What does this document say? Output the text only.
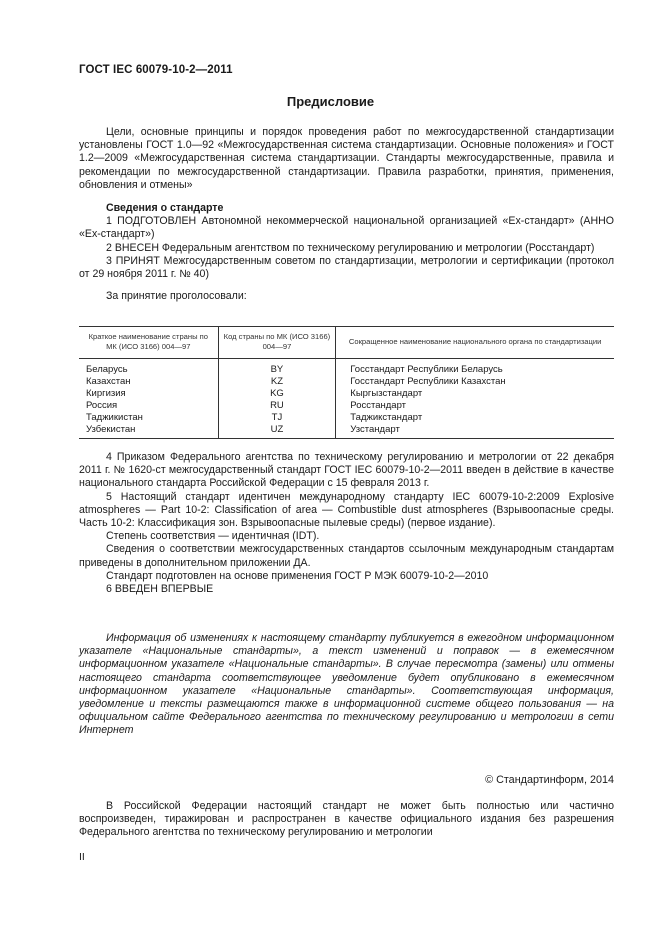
ГОСТ IEC 60079-10-2—2011
Предисловие

Цели, основные принципы и порядок проведения работ по межгосударственной стандартизации установлены ГОСТ 1.0—92 «Межгосударственная система стандартизации. Основные положения» и ГОСТ 1.2—2009 «Межгосударственная система стандартизации. Стандарты межгосударственные, правила и рекомендации по межгосударственной стандартизации. Правила разработки, принятия, применения, обновления и отмены»

Сведения о стандарте

1 ПОДГОТОВЛЕН Автономной некоммерческой национальной организацией «Ех-стандарт» (АННО «Ех-стандарт»)

2 ВНЕСЕН Федеральным агентством по техническому регулированию и метрологии (Росстандарт)

3 ПРИНЯТ Межгосударственным советом по стандартизации, метрологии и сертификации (протокол от 29 ноября 2011 г. № 40)

За принятие проголосовали:

Краткое наименование страны по МК (ИСО 3166) 004—97	Код страны по МК (ИСО 3166) 004—97	Сокращенное наименование национального органа по стандартизации
Беларусь	BY	Госстандарт Республики Беларусь
Казахстан	KZ	Госстандарт Республики Казахстан
Киргизия	KG	Кыргызстандарт
Россия	RU	Росстандарт
Таджикистан	TJ	Таджикстандарт
Узбекистан	UZ	Узстандарт

4 Приказом Федерального агентства по техническому регулированию и метрологии от 22 декабря 2011 г. № 1620-ст межгосударственный стандарт ГОСТ IEC 60079-10-2—2011 введен в действие в качестве национального стандарта Российской Федерации с 15 февраля 2013 г.

5 Настоящий стандарт идентичен международному стандарту IEC 60079-10-2:2009 Explosive atmospheres — Part 10-2: Classification of area — Combustible dust atmospheres (Взрывоопасные среды. Часть 10-2: Классификация зон. Взрывоопасные пылевые среды) (первое издание).

Степень соответствия — идентичная (IDT).

Сведения о соответствии межгосударственных стандартов ссылочным международным стандартам приведены в дополнительном приложении ДА.

Стандарт подготовлен на основе применения ГОСТ Р МЭК 60079-10-2—2010

6 ВВЕДЕН ВПЕРВЫЕ

Информация об изменениях к настоящему стандарту публикуется в ежегодном информационном указателе «Национальные стандарты», а текст изменений и поправок — в ежемесячном информационном указателе «Национальные стандарты». В случае пересмотра (замены) или отмены настоящего стандарта соответствующее уведомление будет опубликовано в ежемесячном информационном указателе «Национальные стандарты». Соответствующая информация, уведомление и тексты размещаются также в информационной системе общего пользования — на официальном сайте Федерального агентства по техническому регулированию и метрологии в сети Интернет

© Стандартинформ, 2014

В Российской Федерации настоящий стандарт не может быть полностью или частично воспроизведен, тиражирован и распространен в качестве официального издания без разрешения Федерального агентства по техническому регулированию и метрологии

II
